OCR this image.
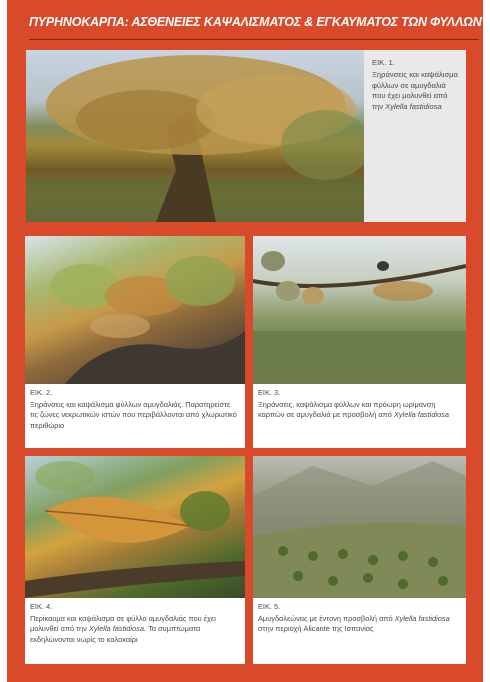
ΠΥΡΗΝΟΚΑΡΠΑ: ΑΣΘΕΝΕΙΕΣ ΚΑΨΑΛΙΣΜΑΤΟΣ & ΕΓΚΑΥΜΑΤΟΣ ΤΩΝ ΦΥΛΛΩΝ
ΕΙΚ. 1.
Ξηράνσεις και καψάλισμα φύλλων σε αμυγδαλιά που έχει μολυνθεί από την Xylella fastidiosa
ΕΙΚ. 2.
Ξηράνσεις και καψάλισμα φύλλων αμυγδαλιάς. Παρατηρείστε τις ζώνες νεκρωτικών ιστών που περιβάλλονται από χλωρωτικό περιθώριο
ΕΙΚ. 3.
Ξηράνσεις, καψάλισμα φύλλων και πρόωρη ωρίμανση καρπών σε αμυγδαλιά με προσβολή από Xylella fastidiosa
ΕΙΚ. 4.
Περίκαυμα και καψάλισμα σε φύλλο αμυγδαλιάς που έχει μολυνθεί από την Xylella fastidiosa. Τα συμπτώματα εκδηλώνονται νωρίς το καλοκαίρι
ΕΙΚ. 5.
Αμυγδαλεώνας με έντονη προσβολή από Xylella fastidiosa στην περιοχή Alicante της Ισπανίας
